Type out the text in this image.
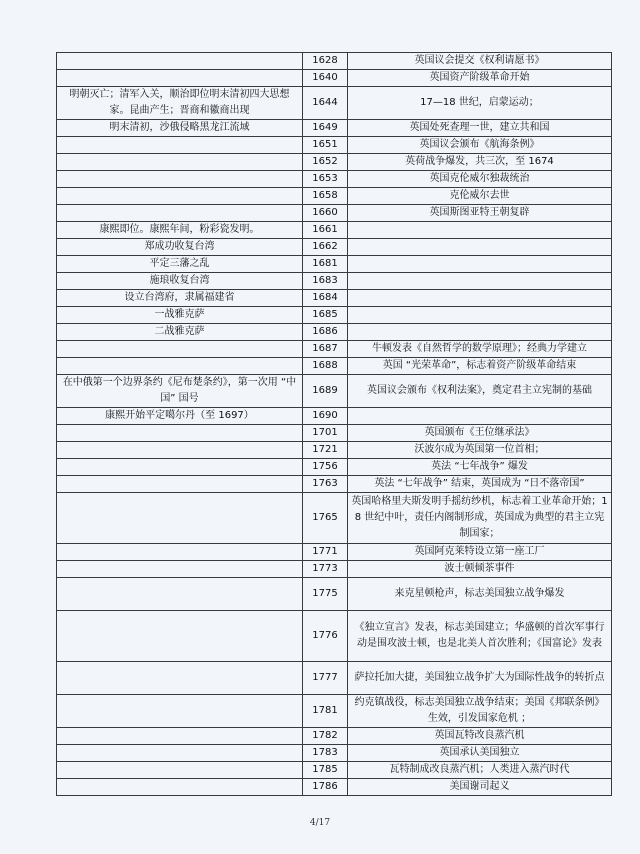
	1628	英国议会提交《权利请愿书》
	1640	英国资产阶级革命开始
明朝灭亡；清军入关，顺治即位明末清初四大思想家。昆曲产生；晋商和徽商出现	1644	17—18 世纪，启蒙运动；
明末清初，沙俄侵略黑龙江流域	1649	英国处死查理一世，建立共和国
	1651	英国议会颁布《航海条例》
	1652	英荷战争爆发，共三次，至 1674
	1653	英国克伦威尔独裁统治
	1658	克伦威尔去世
	1660	英国斯图亚特王朝复辟
康熙即位。康熙年间，粉彩瓷发明。	1661	
郑成功收复台湾	1662	
平定三藩之乱	1681	
施琅收复台湾	1683	
设立台湾府，隶属福建省	1684	
一战雅克萨	1685	
二战雅克萨	1686	
	1687	牛顿发表《自然哲学的数学原理》；经典力学建立
	1688	英国 “光荣革命”，标志着资产阶级革命结束
在中俄第一个边界条约《尼布楚条约》，第一次用 “中国” 国号	1689	英国议会颁布《权利法案》，奠定君主立宪制的基础
康熙开始平定噶尔丹（至 1697）	1690	
	1701	英国颁布《王位继承法》
	1721	沃波尔成为英国第一位首相；
	1756	英法 “七年战争” 爆发
	1763	英法 “七年战争” 结束，英国成为 “日不落帝国”
	1765	英国哈格里夫斯发明手摇纺纱机，标志着工业革命开始；18 世纪中叶，责任内阁制形成，英国成为典型的君主立宪制国家；
	1771	英国阿克莱特设立第一座工厂
	1773	波士顿倾茶事件
	1775	来克星顿枪声，标志美国独立战争爆发
	1776	《独立宣言》发表，标志美国建立；华盛顿的首次军事行动是围攻波士顿，也是北美人首次胜利；《国富论》发表
	1777	萨拉托加大捷，美国独立战争扩大为国际性战争的转折点
	1781	约克镇战役，标志美国独立战争结束；美国《邦联条例》生效，引发国家危机 ；
	1782	英国瓦特改良蒸汽机
	1783	英国承认美国独立
	1785	瓦特制成改良蒸汽机；人类进入蒸汽时代
	1786	美国谢司起义
4/17
